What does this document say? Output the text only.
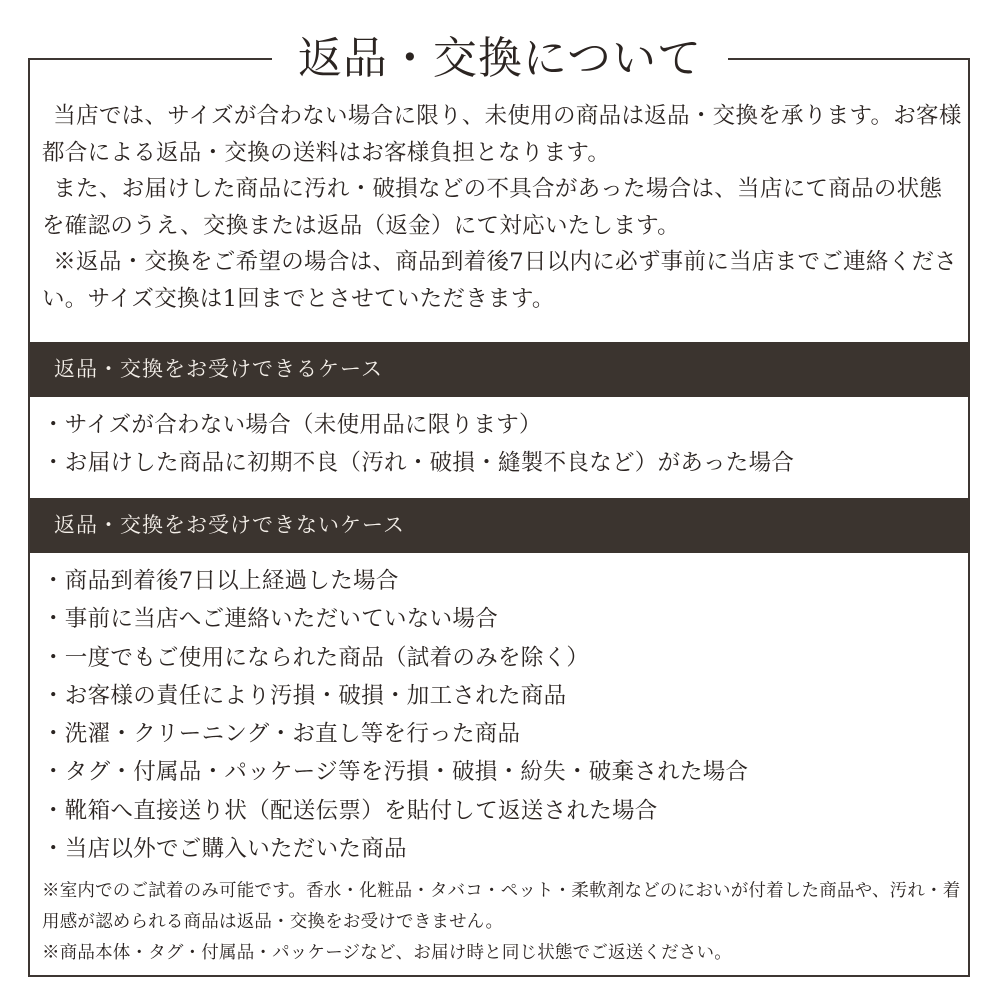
返品・交換について

当店では、サイズが合わない場合に限り、未使用の商品は返品・交換を承ります。お客様都合による返品・交換の送料はお客様負担となります。

また、お届けした商品に汚れ・破損などの不具合があった場合は、当店にて商品の状態を確認のうえ、交換または返品（返金）にて対応いたします。

※返品・交換をご希望の場合は、商品到着後7日以内に必ず事前に当店までご連絡ください。サイズ交換は1回までとさせていただきます。

返品・交換をお受けできるケース
・サイズが合わない場合（未使用品に限ります）
・お届けした商品に初期不良（汚れ・破損・縫製不良など）があった場合
返品・交換をお受けできないケース
・商品到着後7日以上経過した場合
・事前に当店へご連絡いただいていない場合
・一度でもご使用になられた商品（試着のみを除く）
・お客様の責任により汚損・破損・加工された商品
・洗濯・クリーニング・お直し等を行った商品
・タグ・付属品・パッケージ等を汚損・破損・紛失・破棄された場合
・靴箱へ直接送り状（配送伝票）を貼付して返送された場合
・当店以外でご購入いただいた商品

※室内でのご試着のみ可能です。香水・化粧品・タバコ・ペット・柔軟剤などのにおいが付着した商品や、汚れ・着用感が認められる商品は返品・交換をお受けできません。

※商品本体・タグ・付属品・パッケージなど、お届け時と同じ状態でご返送ください。
